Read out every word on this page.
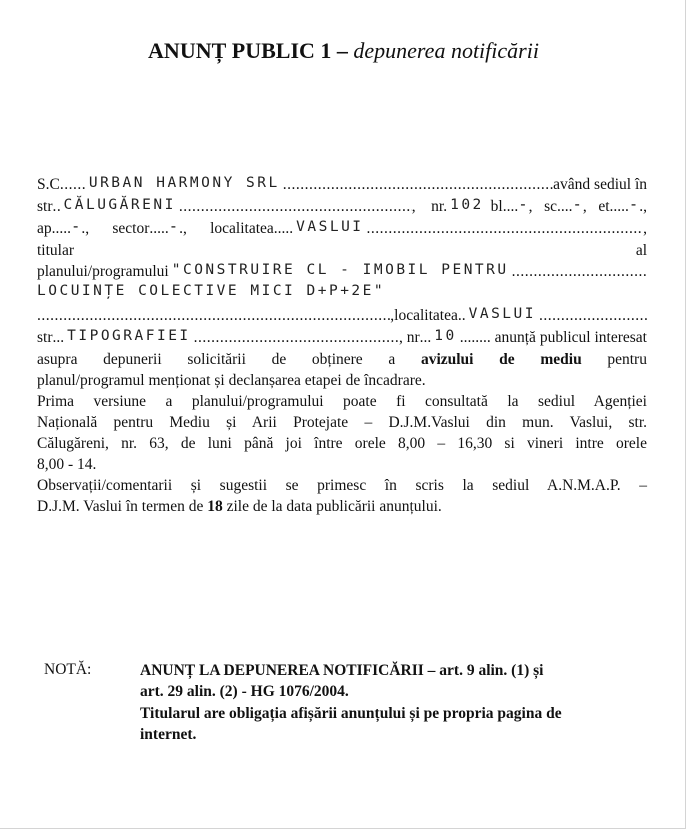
ANUNȚ PUBLIC 1 – depunerea notificării
S.C ..... URBAN HARMONY SRL .....	având sediul în
str ..... CĂLUGĂRENI .....	, nr. 102
bl .... - , sc .... - , et ..... - .,
ap ..... - ., sector ..... - ., localitatea ..... VASLUI .....	,
titular	al
planului/programului "CONSTRUIRE CL - IMOBIL PENTRU
.....
LOCUINȚE COLECTIVE MICI D+P+2E"
.....
, localitatea .. VASLUI
.....
str ... TIPOGRAFIEI .....	, nr ... 10 ........ anunță publicul interesat
asupra depunerii solicitării de obținere a avizului de mediu pentru
planul/programul menționat și declanșarea etapei de încadrare.
Prima versiune a planului/programului poate fi consultată la sediul Agenției
Națională pentru Mediu și Arii Protejate – D.J.M.Vaslui din mun. Vaslui, str.
Călugăreni, nr. 63, de luni până joi între orele 8,00 – 16,30 si vineri intre orele
8,00 - 14.
Observații/comentarii și sugestii se primesc în scris la sediul A.N.M.A.P. –
D.J.M. Vaslui în termen de 18 zile de la data publicării anunțului.
NOTĂ:	ANUNȚ LA DEPUNEREA NOTIFICĂRII – art. 9 alin. (1) și
art. 29 alin. (2) - HG 1076/2004.
Titularul are obligația afișării anunțului și pe propria pagina de
internet.
